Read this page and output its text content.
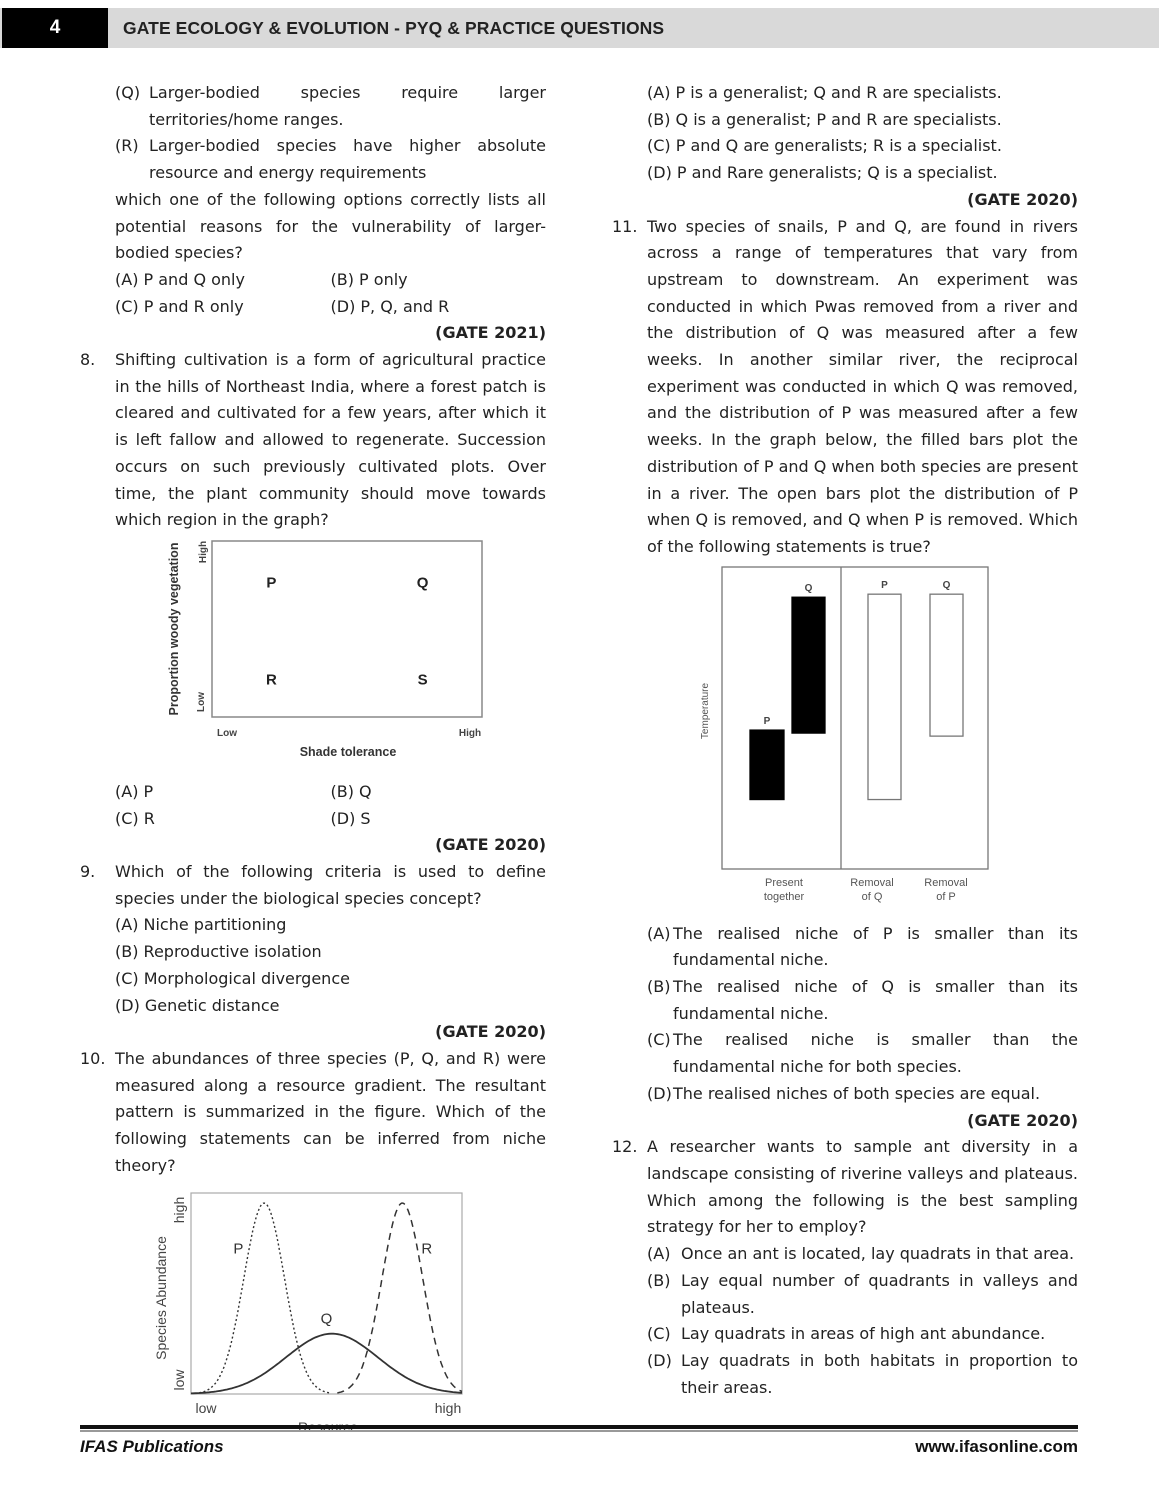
4	GATE ECOLOGY & EVOLUTION - PYQ & PRACTICE QUESTIONS
(Q) Larger-bodied species require larger territories/home ranges.
(R) Larger-bodied species have higher absolute resource and energy requirements

which one of the following options correctly lists all potential reasons for the vulnerability of larger-bodied species?

(A) P and Q only	(B) P only
(C) P and R only	(D) P, Q, and R
(GATE 2021)
8.	Shifting cultivation is a form of agricultural practice in the hills of Northeast India, where a forest patch is cleared and cultivated for a few years, after which it is left fallow and allowed to regenerate. Succession occurs on such previously cultivated plots. Over time, the plant community should move towards which region in the graph?
Proportion woody vegetation High
Low
Low	High
Shade tolerance
P	Q
R	S
(A) P	(B) Q
(C) R	(D) S
(GATE 2020)
9.	Which of the following criteria is used to define species under the biological species concept?
(A) Niche partitioning
(B) Reproductive isolation
(C) Morphological divergence
(D) Genetic distance
(GATE 2020)
10. The abundances of three species (P, Q, and R) were measured along a resource gradient. The resultant pattern is summarized in the figure. Which of the following statements can be inferred from niche theory?
Species Abundance
high
low
low	high
P
Q
R
(A) P is a generalist; Q and R are specialists.
(B) Q is a generalist; P and R are specialists.
(C) P and Q are generalists; R is a specialist.
(D) P and Rare generalists; Q is a specialist.
(GATE 2020)
11. Two species of snails, P and Q, are found in rivers across a range of temperatures that vary from upstream to downstream. An experiment was conducted in which Pwas removed from a river and the distribution of Q was measured after a few weeks. In another similar river, the reciprocal experiment was conducted in which Q was removed, and the distribution of P was measured after a few weeks. In the graph below, the filled bars plot the distribution of P and Q when both species are present in a river. The open bars plot the distribution of P when Q is removed, and Q when P is removed. Which of the following statements is true?
Temperature	P
Q	P	Q
Present
together
Removal
of Q
Removal
of P
(A) The realised niche of P is smaller than its fundamental niche.
(B) The realised niche of Q is smaller than its fundamental niche.
(C) The realised niche is smaller than the fundamental niche for both species.
(D) The realised niches of both species are equal.
(GATE 2020)
12. A researcher wants to sample ant diversity in a landscape consisting of riverine valleys and plateaus. Which among the following is the best sampling strategy for her to employ?
(A) Once an ant is located, lay quadrats in that area.
(B) Lay equal number of quadrants in valleys and plateaus.
(C) Lay quadrats in areas of high ant abundance.
(D) Lay quadrats in both habitats in proportion to their areas.
IFAS Publications	www.ifasonline.com
